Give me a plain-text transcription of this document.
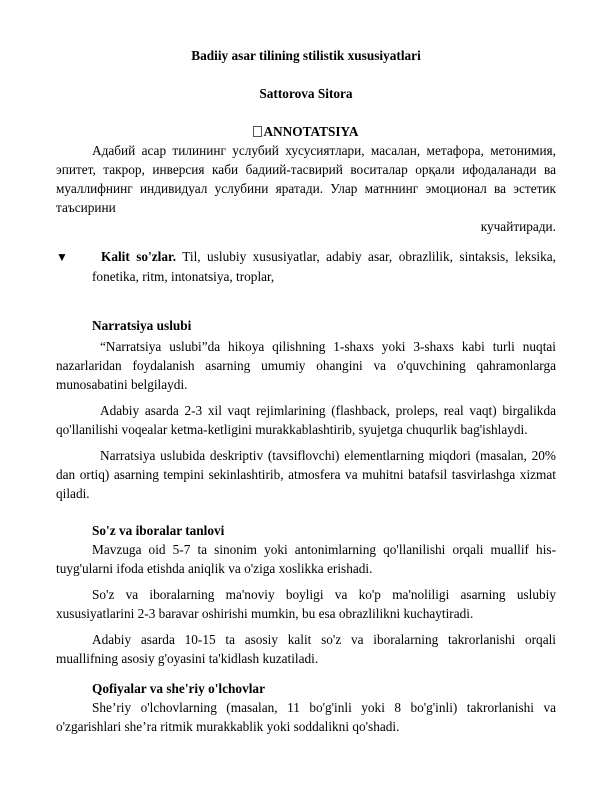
Badiiy asar tilining stilistik xususiyatlari

Sattorova Sitora

ANNOTATSIYA

Адабий асар тилининг услубий хусусиятлари, масалан, метафора, метонимия, эпитет, такрор, инверсия каби бадиий-тасвирий воситалар орқали ифодаланади ва муаллифнинг индивидуал услубини яратади. Улар матннинг эмоционал ва эстетик таъсирини

кучайтиради.

▼ Kalit so'zlar. Til, uslubiy xususiyatlar, adabiy asar, obrazlilik, sintaksis, leksika, fonetika, ritm, intonatsiya, troplar,

Narratsiya uslubi

“Narratsiya uslubi”da hikoya qilishning 1-shaxs yoki 3-shaxs kabi turli nuqtai nazarlaridan foydalanish asarning umumiy ohangini va o'quvchining qahramonlarga munosabatini belgilaydi.

Adabiy asarda 2-3 xil vaqt rejimlarining (flashback, proleps, real vaqt) birgalikda qo'llanilishi voqealar ketma-ketligini murakkablashtirib, syujetga chuqurlik bag'ishlaydi.

Narratsiya uslubida deskriptiv (tavsiflovchi) elementlarning miqdori (masalan, 20% dan ortiq) asarning tempini sekinlashtirib, atmosfera va muhitni batafsil tasvirlashga xizmat qiladi.

So'z va iboralar tanlovi

Mavzuga oid 5-7 ta sinonim yoki antonimlarning qo'llanilishi orqali muallif his-tuyg'ularni ifoda etishda aniqlik va o'ziga xoslikka erishadi.

So'z va iboralarning ma'noviy boyligi va ko'p ma'noliligi asarning uslubiy xususiyatlarini 2-3 baravar oshirishi mumkin, bu esa obrazlilikni kuchaytiradi.

Adabiy asarda 10-15 ta asosiy kalit so'z va iboralarning takrorlanishi orqali muallifning asosiy g'oyasini ta'kidlash kuzatiladi.

Qofiyalar va she'riy o'lchovlar

She’riy o'lchovlarning (masalan, 11 bo'g'inli yoki 8 bo'g'inli) takrorlanishi va o'zgarishlari she’ra ritmik murakkablik yoki soddalikni qo'shadi.
